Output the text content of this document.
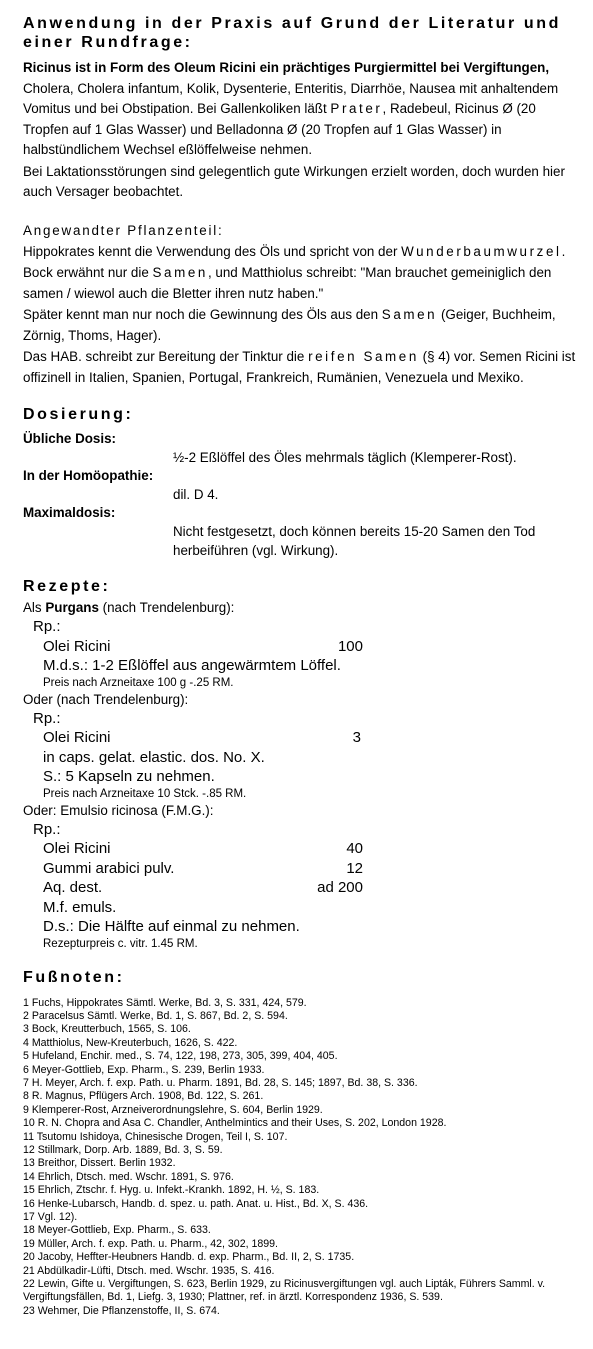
Anwendung in der Praxis auf Grund der Literatur und einer Rundfrage:

Ricinus ist in Form des Oleum Ricini ein prächtiges Purgiermittel bei Vergiftungen, Cholera, Cholera infantum, Kolik, Dysenterie, Enteritis, Diarrhöe, Nausea mit anhaltendem Vomitus und bei Obstipation. Bei Gallenkoliken läßt Prater, Radebeul, Ricinus Ø (20 Tropfen auf 1 Glas Wasser) und Belladonna Ø (20 Tropfen auf 1 Glas Wasser) in halbstündlichem Wechsel eßlöffelweise nehmen.

Bei Laktationsstörungen sind gelegentlich gute Wirkungen erzielt worden, doch wurden hier auch Versager beobachtet.

Angewandter Pflanzenteil:

Hippokrates kennt die Verwendung des Öls und spricht von der Wunderbaumwurzel.

Bock erwähnt nur die Samen, und Matthiolus schreibt: "Man brauchet gemeiniglich den samen / wiewol auch die Bletter ihren nutz haben."

Später kennt man nur noch die Gewinnung des Öls aus den Samen (Geiger, Buchheim, Zörnig, Thoms, Hager).

Das HAB. schreibt zur Bereitung der Tinktur die reifen Samen (§ 4) vor. Semen Ricini ist offizinell in Italien, Spanien, Portugal, Frankreich, Rumänien, Venezuela und Mexiko.

Dosierung:

Übliche Dosis:

½-2 Eßlöffel des Öles mehrmals täglich (Klemperer-Rost).

In der Homöopathie:

dil. D 4.

Maximaldosis:

Nicht festgesetzt, doch können bereits 15-20 Samen den Tod herbeiführen (vgl. Wirkung).

Rezepte:

Als Purgans (nach Trendelenburg):

Rp.:

Olei Ricini	100

M.d.s.: 1-2 Eßlöffel aus angewärmtem Löffel.

Preis nach Arzneitaxe 100 g -.25 RM.

Oder (nach Trendelenburg):

Rp.:

Olei Ricini	3

in caps. gelat. elastic. dos. No. X.

S.: 5 Kapseln zu nehmen.

Preis nach Arzneitaxe 10 Stck. -.85 RM.

Oder: Emulsio ricinosa (F.M.G.):

Rp.:

Olei Ricini	40

Gummi arabici pulv.	12

Aq. dest.	ad 200

M.f. emuls.

D.s.: Die Hälfte auf einmal zu nehmen.

Rezepturpreis c. vitr. 1.45 RM.

Fußnoten:

1 Fuchs, Hippokrates Sämtl. Werke, Bd. 3, S. 331, 424, 579.

2 Paracelsus Sämtl. Werke, Bd. 1, S. 867, Bd. 2, S. 594.

3 Bock, Kreutterbuch, 1565, S. 106.

4 Matthiolus, New-Kreuterbuch, 1626, S. 422.

5 Hufeland, Enchir. med., S. 74, 122, 198, 273, 305, 399, 404, 405.

6 Meyer-Gottlieb, Exp. Pharm., S. 239, Berlin 1933.

7 H. Meyer, Arch. f. exp. Path. u. Pharm. 1891, Bd. 28, S. 145; 1897, Bd. 38, S. 336.

8 R. Magnus, Pflügers Arch. 1908, Bd. 122, S. 261.

9 Klemperer-Rost, Arzneiverordnungslehre, S. 604, Berlin 1929.

10 R. N. Chopra and Asa C. Chandler, Anthelmintics and their Uses, S. 202, London 1928.

11 Tsutomu Ishidoya, Chinesische Drogen, Teil I, S. 107.

12 Stillmark, Dorp. Arb. 1889, Bd. 3, S. 59.

13 Breithor, Dissert. Berlin 1932.

14 Ehrlich, Dtsch. med. Wschr. 1891, S. 976.

15 Ehrlich, Ztschr. f. Hyg. u. Infekt.-Krankh. 1892, H. ½, S. 183.

16 Henke-Lubarsch, Handb. d. spez. u. path. Anat. u. Hist., Bd. X, S. 436.

17 Vgl. 12).

18 Meyer-Gottlieb, Exp. Pharm., S. 633.

19 Müller, Arch. f. exp. Path. u. Pharm., 42, 302, 1899.

20 Jacoby, Heffter-Heubners Handb. d. exp. Pharm., Bd. II, 2, S. 1735.

21 Abdülkadir-Lüfti, Dtsch. med. Wschr. 1935, S. 416.

22 Lewin, Gifte u. Vergiftungen, S. 623, Berlin 1929, zu Ricinusvergiftungen vgl. auch Lipták, Führers Samml. v. Vergiftungsfällen, Bd. 1, Liefg. 3, 1930; Plattner, ref. in ärztl. Korrespondenz 1936, S. 539.

23 Wehmer, Die Pflanzenstoffe, II, S. 674.
